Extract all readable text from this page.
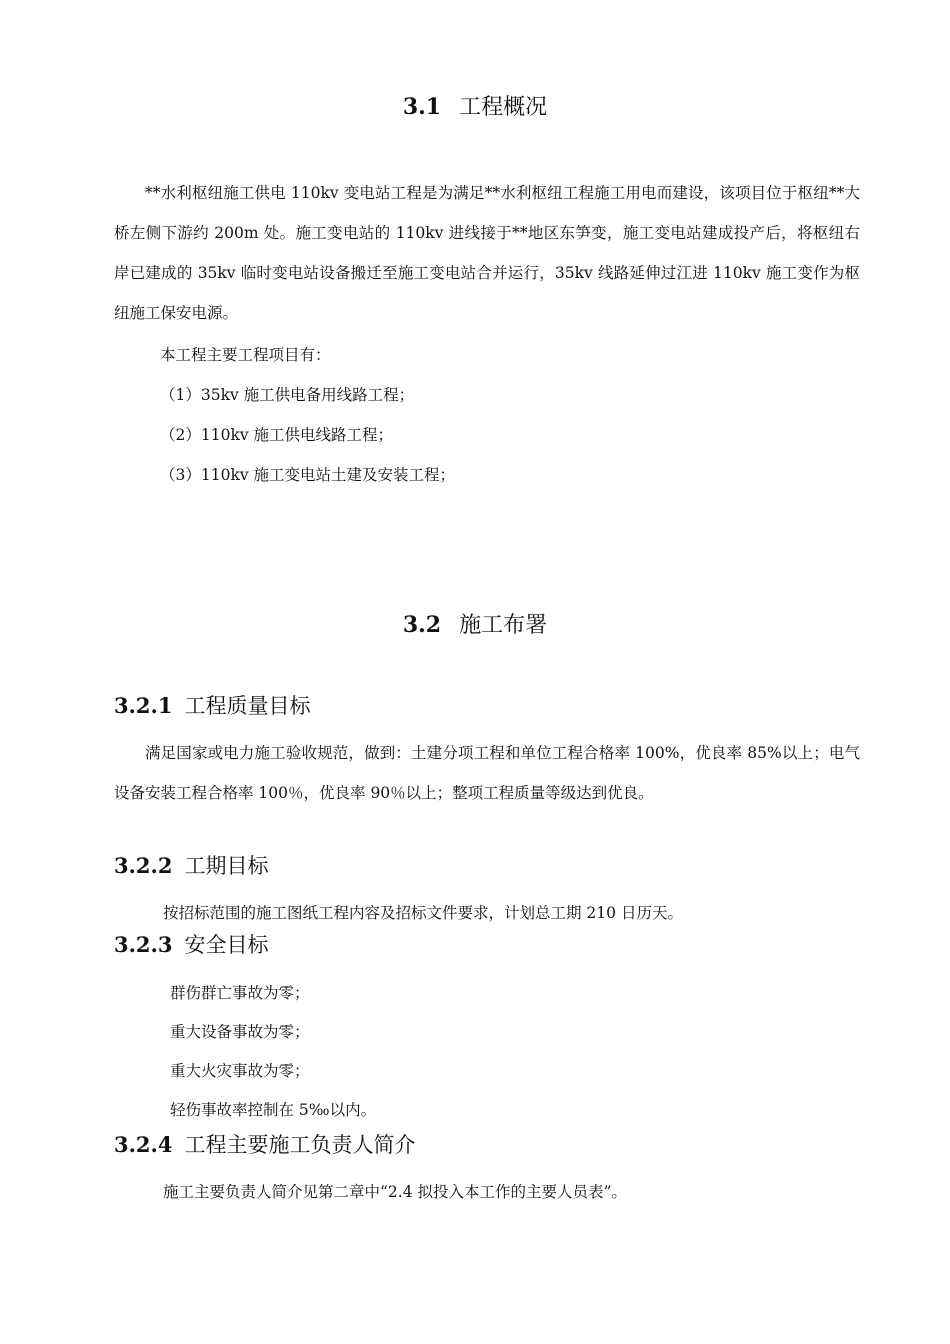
3.1 工程概况

**水利枢纽施工供电 110kv 变电站工程是为满足**水利枢纽工程施工用电而建设，该项目位于枢纽**大桥左侧下游约 200m 处。施工变电站的 110kv 进线接于**地区东笋变，施工变电站建成投产后，将枢纽右岸已建成的 35kv 临时变电站设备搬迁至施工变电站合并运行，35kv 线路延伸过江进 110kv 施工变作为枢纽施工保安电源。

本工程主要工程项目有：

（1）35kv 施工供电备用线路工程；

（2）110kv 施工供电线路工程；

（3）110kv 施工变电站土建及安装工程；

3.2 施工布署
3.2.1 工程质量目标

满足国家或电力施工验收规范，做到：土建分项工程和单位工程合格率 100%，优良率 85%以上；电气设备安装工程合格率 100％，优良率 90％以上；整项工程质量等级达到优良。

3.2.2 工期目标

按招标范围的施工图纸工程内容及招标文件要求，计划总工期 210 日历天。

3.2.3 安全目标

群伤群亡事故为零；

重大设备事故为零；

重大火灾事故为零；

轻伤事故率控制在 5‰以内。

3.2.4 工程主要施工负责人简介

施工主要负责人简介见第二章中“2.4 拟投入本工作的主要人员表”。
